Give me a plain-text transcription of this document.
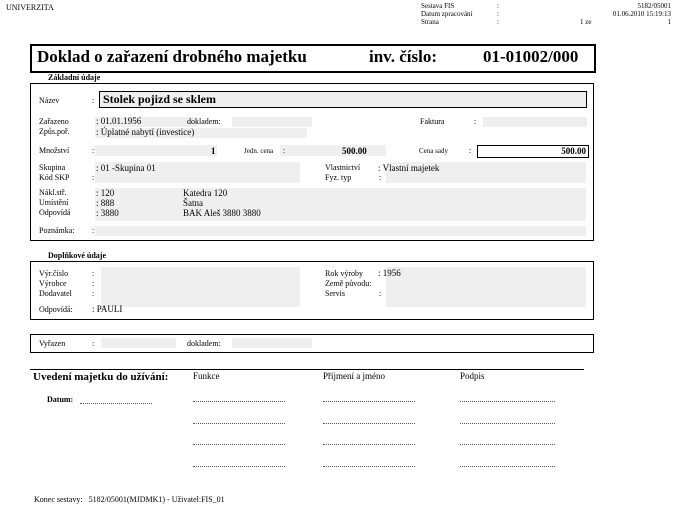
UNIVERZITA	Sestava FIS	:	5182/05001
Datum zpracování	:	01.06.2010 15:19:13
Strana	:	1 ze	1
Doklad o zařazení drobného majetku	inv. číslo:	01-01002/000
Základní údaje
Název	: Stolek pojizd se sklem
Zařazeno	: 01.01.1956	dokladem:	Faktura	:
Způs.poř.	: Úplatné nabytí (investice)
Množství	:	1	Jedn. cena :	500.00	Cena sady	:	500.00
Skupina	: 01 -Skupina 01
Kód SKP	:
Vlastnictví : Vlastní majetek
Fyz. typ	:
Nákl.stř.	: 120	Katedra 120
Umístění	: 888	Šatna
Odpovídá	: 3880	BAK Aleš 3880 3880
Poznámka: :
Doplňkové údaje
Výr.číslo	:
Výrobce	:
Dodavatel	:
Odpovídá: : PAULI
Rok výroby : 1956
Země původu:
Servis	:
Vyřazen	:	dokladem:
Uvedení majetku do užívání:	Funkce	Příjmení a jméno	Podpis
Datum:
Konec sestavy:   5182/05001(MJDMK1) - Uživatel:FIS_01
